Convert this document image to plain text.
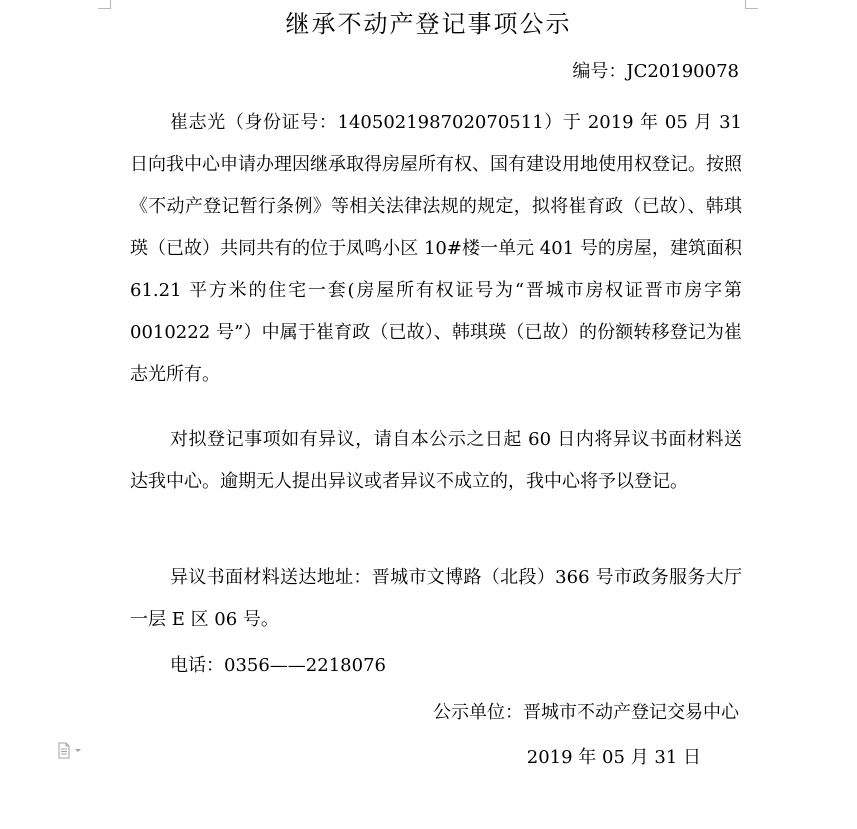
继承不动产登记事项公示
编号：JC20190078

崔志光（身份证号：140502198702070511）于 2019 年 05 月 31 日向我中心申请办理因继承取得房屋所有权、国有建设用地使用权登记。按照《不动产登记暂行条例》等相关法律法规的规定，拟将崔育政（已故）、韩琪瑛（已故）共同共有的位于凤鸣小区 10#楼一单元 401 号的房屋，建筑面积 61.21 平方米的住宅一套(房屋所有权证号为“晋城市房权证晋市房字第 0010222 号”）中属于崔育政（已故）、韩琪瑛（已故）的份额转移登记为崔志光所有。

对拟登记事项如有异议，请自本公示之日起 60 日内将异议书面材料送达我中心。逾期无人提出异议或者异议不成立的，我中心将予以登记。

异议书面材料送达地址：晋城市文博路（北段）366 号市政务服务大厅一层 E 区 06 号。

电话：0356——2218076
公示单位：晋城市不动产登记交易中心
2019 年 05 月 31 日
